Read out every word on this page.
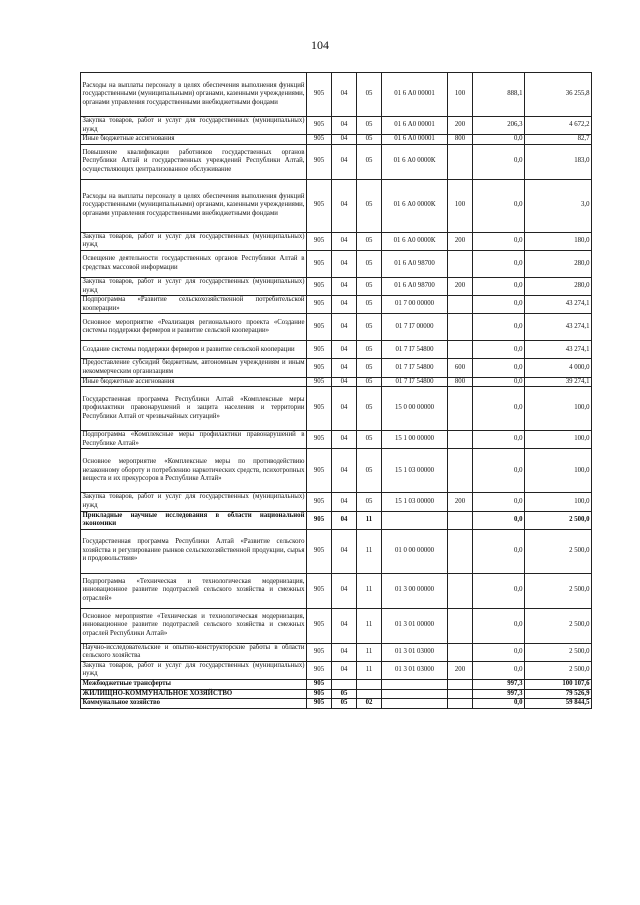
104
Расходы на выплаты персоналу в целях обеспечения выполнения функций государственными (муниципальными) органами, казенными учреждениями, органами управления государственными внебюджетными фондами	905	04	05	01 6 А0 00001	100	888,1	36 255,8
Закупка товаров, работ и услуг для государственных (муниципальных) нужд	905	04	05	01 6 А0 00001	200	206,3	4 672,2
Иные бюджетные ассигнования	905	04	05	01 6 А0 00001	800	0,0	82,7
Повышение квалификации работников государственных органов Республики Алтай и государственных учреждений Республики Алтай, осуществляющих централизованное обслуживание	905	04	05	01 6 А0 0000К		0,0	183,0
Расходы на выплаты персоналу в целях обеспечения выполнения функций государственными (муниципальными) органами, казенными учреждениями, органами управления государственными внебюджетными фондами	905	04	05	01 6 А0 0000К	100	0,0	3,0
Закупка товаров, работ и услуг для государственных (муниципальных) нужд	905	04	05	01 6 А0 0000К	200	0,0	180,0
Освещение деятельности государственных органов Республики Алтай в средствах массовой информации	905	04	05	01 6 А0 98700		0,0	280,0
Закупка товаров, работ и услуг для государственных (муниципальных) нужд	905	04	05	01 6 А0 98700	200	0,0	280,0
Подпрограмма «Развитие сельскохозяйственной потребительской кооперации»	905	04	05	01 7 00 00000		0,0	43 274,1
Основное мероприятие «Реализация регионального проекта «Создание системы поддержки фермеров и развитие сельской кооперации»	905	04	05	01 7 I7 00000		0,0	43 274,1
Создание системы поддержки фермеров и развитие сельской кооперации	905	04	05	01 7 I7 54800		0,0	43 274,1
Предоставление субсидий бюджетным, автономным учреждениям и иным некоммерческим организациям	905	04	05	01 7 I7 54800	600	0,0	4 000,0
Иные бюджетные ассигнования	905	04	05	01 7 I7 54800	800	0,0	39 274,1
Государственная программа Республики Алтай «Комплексные меры профилактики правонарушений и защита населения и территории Республики Алтай от чрезвычайных ситуаций»	905	04	05	15 0 00 00000		0,0	100,0
Подпрограмма «Комплексные меры профилактики правонарушений в Республике Алтай»	905	04	05	15 1 00 00000		0,0	100,0
Основное мероприятие «Комплексные меры по противодействию незаконному обороту и потреблению наркотических средств, психотропных веществ и их прекурсоров в Республике Алтай»	905	04	05	15 1 03 00000		0,0	100,0
Закупка товаров, работ и услуг для государственных (муниципальных) нужд	905	04	05	15 1 03 00000	200	0,0	100,0
Прикладные научные исследования в области национальной экономики	905	04	11			0,0	2 500,0
Государственная программа Республики Алтай «Развитие сельского хозяйства и регулирование рынков сельскохозяйственной продукции, сырья и продовольствия»	905	04	11	01 0 00 00000		0,0	2 500,0
Подпрограмма «Техническая и технологическая модернизация, инновационное развитие подотраслей сельского хозяйства и смежных отраслей»	905	04	11	01 3 00 00000		0,0	2 500,0
Основное мероприятие «Техническая и технологическая модернизация, инновационное развитие подотраслей сельского хозяйства и смежных отраслей Республики Алтай»	905	04	11	01 3 01 00000		0,0	2 500,0
Научно-исследовательские и опытно-конструкторские работы в области сельского хозяйства	905	04	11	01 3 01 03000		0,0	2 500,0
Закупка товаров, работ и услуг для государственных (муниципальных) нужд	905	04	11	01 3 01 03000	200	0,0	2 500,0
Межбюджетные трансферты	905					997,3	100 107,6
ЖИЛИЩНО-КОММУНАЛЬНОЕ ХОЗЯЙСТВО	905	05				997,3	79 526,9
Коммунальное хозяйство	905	05	02			0,0	59 844,5
